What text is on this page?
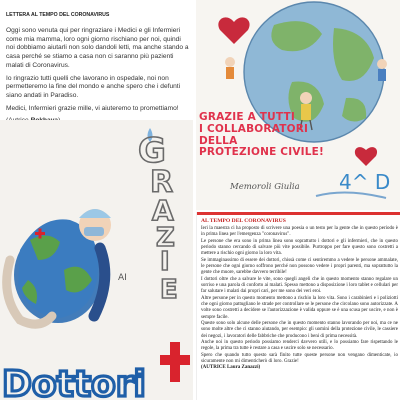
LETTERA AL TEMPO DEL CORONAVIRUS

Oggi sono venuta qui per ringraziare i Medici e gli Infermieri come mia mamma, loro ogni giorno rischiano per noi, quindi noi dobbiamo aiutarli non solo dandoli letti, ma anche stando a casa perché se stiamo a casa non ci saranno più pazienti malati di Coronavirus.

Io ringrazio tutti quelli che lavorano in ospedale, noi non permetteremo la fine del mondo e anche spero che i defunti siano andati in Paradiso.

Medici, Infermieri grazie mille, vi aiuteremo to promettiamo!

G
R
A
Z
I
E
AI
Dottori
GRAZIE A TUTTI
I COLLABORATORI
DELLA
PROTEZIONE CIVILE!
Memoroli Giulia 4^ D
AL TEMPO DEL CORONAVIRUS

Ieri la maestra ci ha proposto di scrivere una poesia o un testo per la gente che in questo periodo è in prima linea per l'emergenza "coronavirus".

Le persone che era sono in prima linea sono soprattutto i dottori e gli infermieri, che in questo periodo stanno cercando di salvare più vite possibile. Purtroppo per fare questo sono costretti a mettere a rischio ogni giorno la loro vita.

Se immaginassimo di essere dei dottori, chissà come ci sentiremmo a vedere le persone ammalate, le persone che ogni giorno soffrono perché non possono vedere i propri parenti, ma soprattutto la gente che muore, sarebbe davvero terribile!

I dottori oltre che a salvare le vite, sono quegli angeli che in questo momento stanno regalare un sorriso e una parola di conforto ai malati. Spesso mettono a disposizione i loro tablet e cellulari per far salutare i malati dai propri cari, per me sono dei veri eroi.

Altre persone per in questo momento mettono a rischio la loro vita. Sono i carabinieri e i poliziotti che ogni giorno pattugliano le strade per controllare se le persone che circolano sono autorizzate. A volte sono costretti a decidere se l'autorizzazione è valida oppure se è una scusa per uscire, e non è sempre facile.

Queste sono solo alcune delle persone che in questo momento stanno lavorando per noi, ma ce ne sono molte altre che ci stanno aiutando, per esempio: gli uomini della protezione civile, le cassiere dei negozi, i lavoratori delle fabbriche che producono i beni di prima necessità.

Anche noi in questo periodo possiamo renderci davvero utili, e lo possiamo fare rispettando le regole, la prima tra tutte è restare a casa e uscire solo se necessario.

Spero che quando tutto questo sarà finito tutte queste persone non vengano dimenticate, io sicuramente non mi dimenticherò di loro. Grazie!

(AUTRICE Laura Zanazzi)
